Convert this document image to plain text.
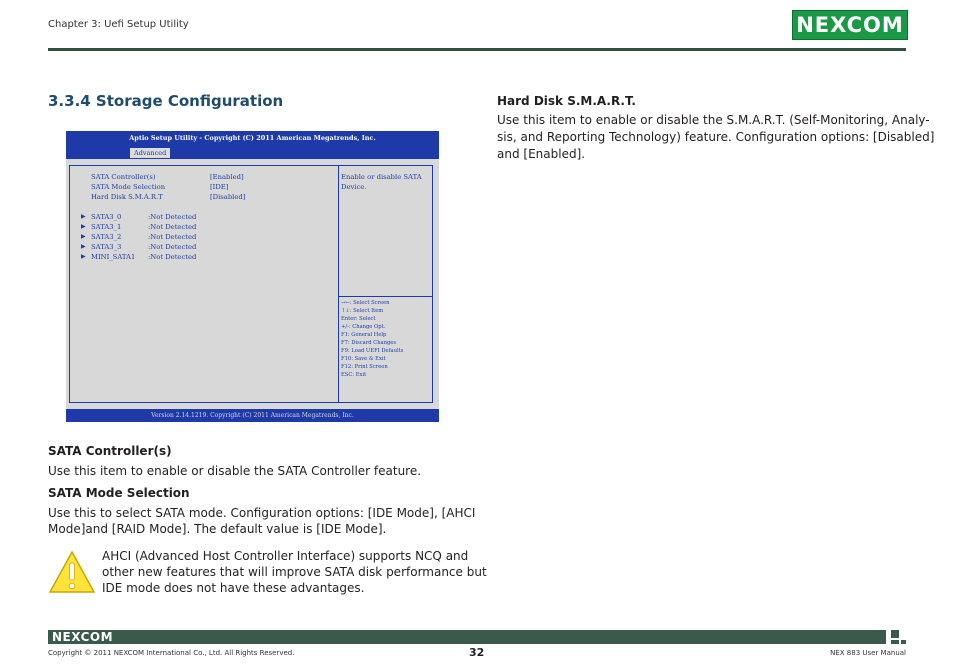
Chapter 3: Uefi Setup Utility	NEXCOM
3.3.4 Storage Configuration
Aptio Setup Utility - Copyright (C) 2011 American Megatrends, Inc.
Advanced
SATA Controller(s)	[Enabled]
SATA Mode Selection	[IDE]
Hard Disk S.M.A.R.T	[Disabled]
▶ SATA3_0	:Not Detected
▶ SATA3_1	:Not Detected
▶ SATA3_2	:Not Detected
▶ SATA3_3	:Not Detected
▶ MINI_SATA1 :Not Detected
Enable or disable SATA
Device.
→←: Select Screen
↑↓: Select Item
Enter: Select
+/-: Change Opt.
F1: General Help
F7: Discard Changes
F9: Load UEFI Defaults
F10: Save & Exit
F12: Print Screen
ESC: Exit
Version 2.14.1219. Copyright (C) 2011 American Megatrends, Inc.
Hard Disk S.M.A.R.T.
Use this item to enable or disable the S.M.A.R.T. (Self-Monitoring, Analy-
sis, and Reporting Technology) feature. Configuration options: [Disabled]
and [Enabled].
SATA Controller(s)
Use this item to enable or disable the SATA Controller feature.
SATA Mode Selection
Use this to select SATA mode. Configuration options: [IDE Mode], [AHCI
Mode]and [RAID Mode]. The default value is [IDE Mode].
AHCI (Advanced Host Controller Interface) supports NCQ and
other new features that will improve SATA disk performance but
IDE mode does not have these advantages.
NEXCOM
Copyright © 2011 NEXCOM International Co., Ltd. All Rights Reserved.	32	NEX 883 User Manual
